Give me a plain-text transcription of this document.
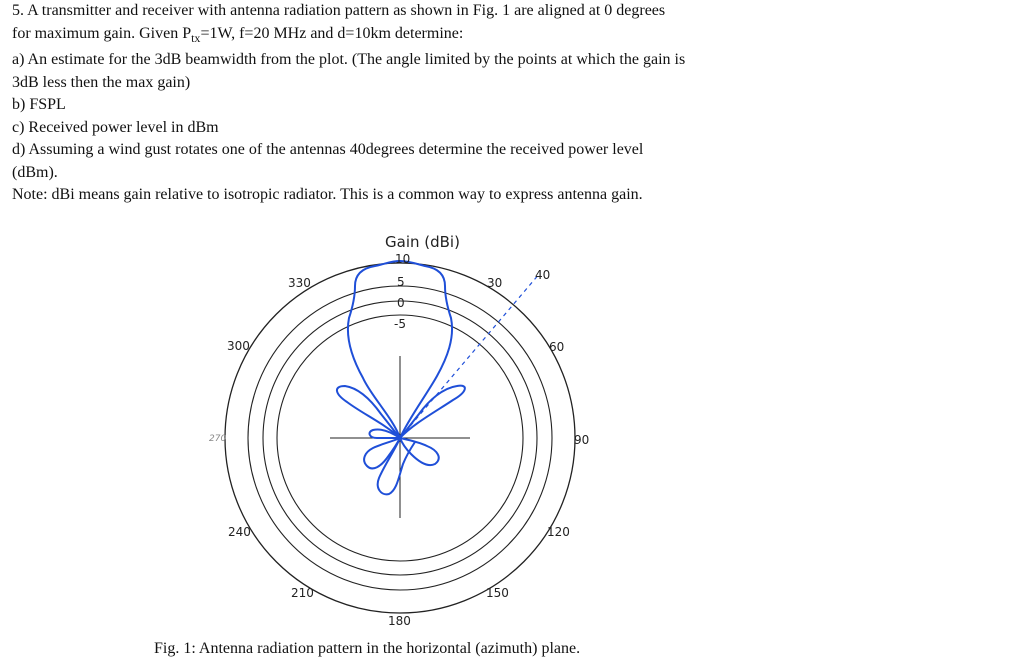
5. A transmitter and receiver with antenna radiation pattern as shown in Fig. 1 are aligned at 0 degrees

for maximum gain. Given $P_{tx}=1W$, f=20 MHz and d=10km determine:

a) An estimate for the 3dB beamwidth from the plot. (The angle limited by the points at which the gain is

3dB less then the max gain)

b) FSPL

c) Received power level in dBm

d) Assuming a wind gust rotates one of the antennas 40degrees determine the received power level

(dBm).

Note: dBi means gain relative to isotropic radiator. This is a common way to express antenna gain.

Gain (dBi)
10
5
0
-5
330	30
40
300	60
270	90
240	120
210	150
180
Fig. 1: Antenna radiation pattern in the horizontal (azimuth) plane.
